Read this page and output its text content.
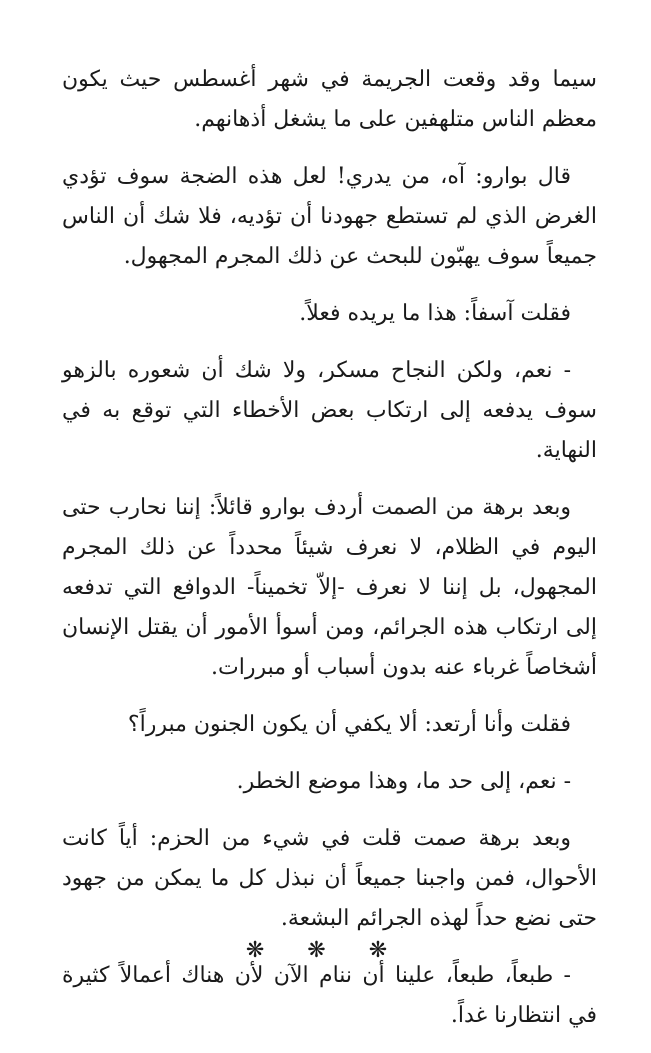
سيما وقد وقعت الجريمة في شهر أغسطس حيث يكون معظم الناس متلهفين على ما يشغل أذهانهم.

قال بوارو: آه، من يدري! لعل هذه الضجة سوف تؤدي الغرض الذي لم تستطع جهودنا أن تؤديه، فلا شك أن الناس جميعاً سوف يهبّون للبحث عن ذلك المجرم المجهول.

فقلت آسفاً: هذا ما يريده فعلاً.

- نعم، ولكن النجاح مسكر، ولا شك أن شعوره بالزهو سوف يدفعه إلى ارتكاب بعض الأخطاء التي توقع به في النهاية.

وبعد برهة من الصمت أردف بوارو قائلاً: إننا نحارب حتى اليوم في الظلام، لا نعرف شيئاً محدداً عن ذلك المجرم المجهول، بل إننا لا نعرف -إلاّ تخميناً- الدوافع التي تدفعه إلى ارتكاب هذه الجرائم، ومن أسوأ الأمور أن يقتل الإنسان أشخاصاً غرباء عنه بدون أسباب أو مبررات.

فقلت وأنا أرتعد: ألا يكفي أن يكون الجنون مبرراً؟

- نعم، إلى حد ما، وهذا موضع الخطر.

وبعد برهة صمت قلت في شيء من الحزم: أياً كانت الأحوال، فمن واجبنا جميعاً أن نبذل كل ما يمكن من جهود حتى نضع حداً لهذه الجرائم البشعة.

- طبعاً، طبعاً، علينا أن ننام الآن لأن هناك أعمالاً كثيرة في انتظارنا غداً.

❋ ❋ ❋
